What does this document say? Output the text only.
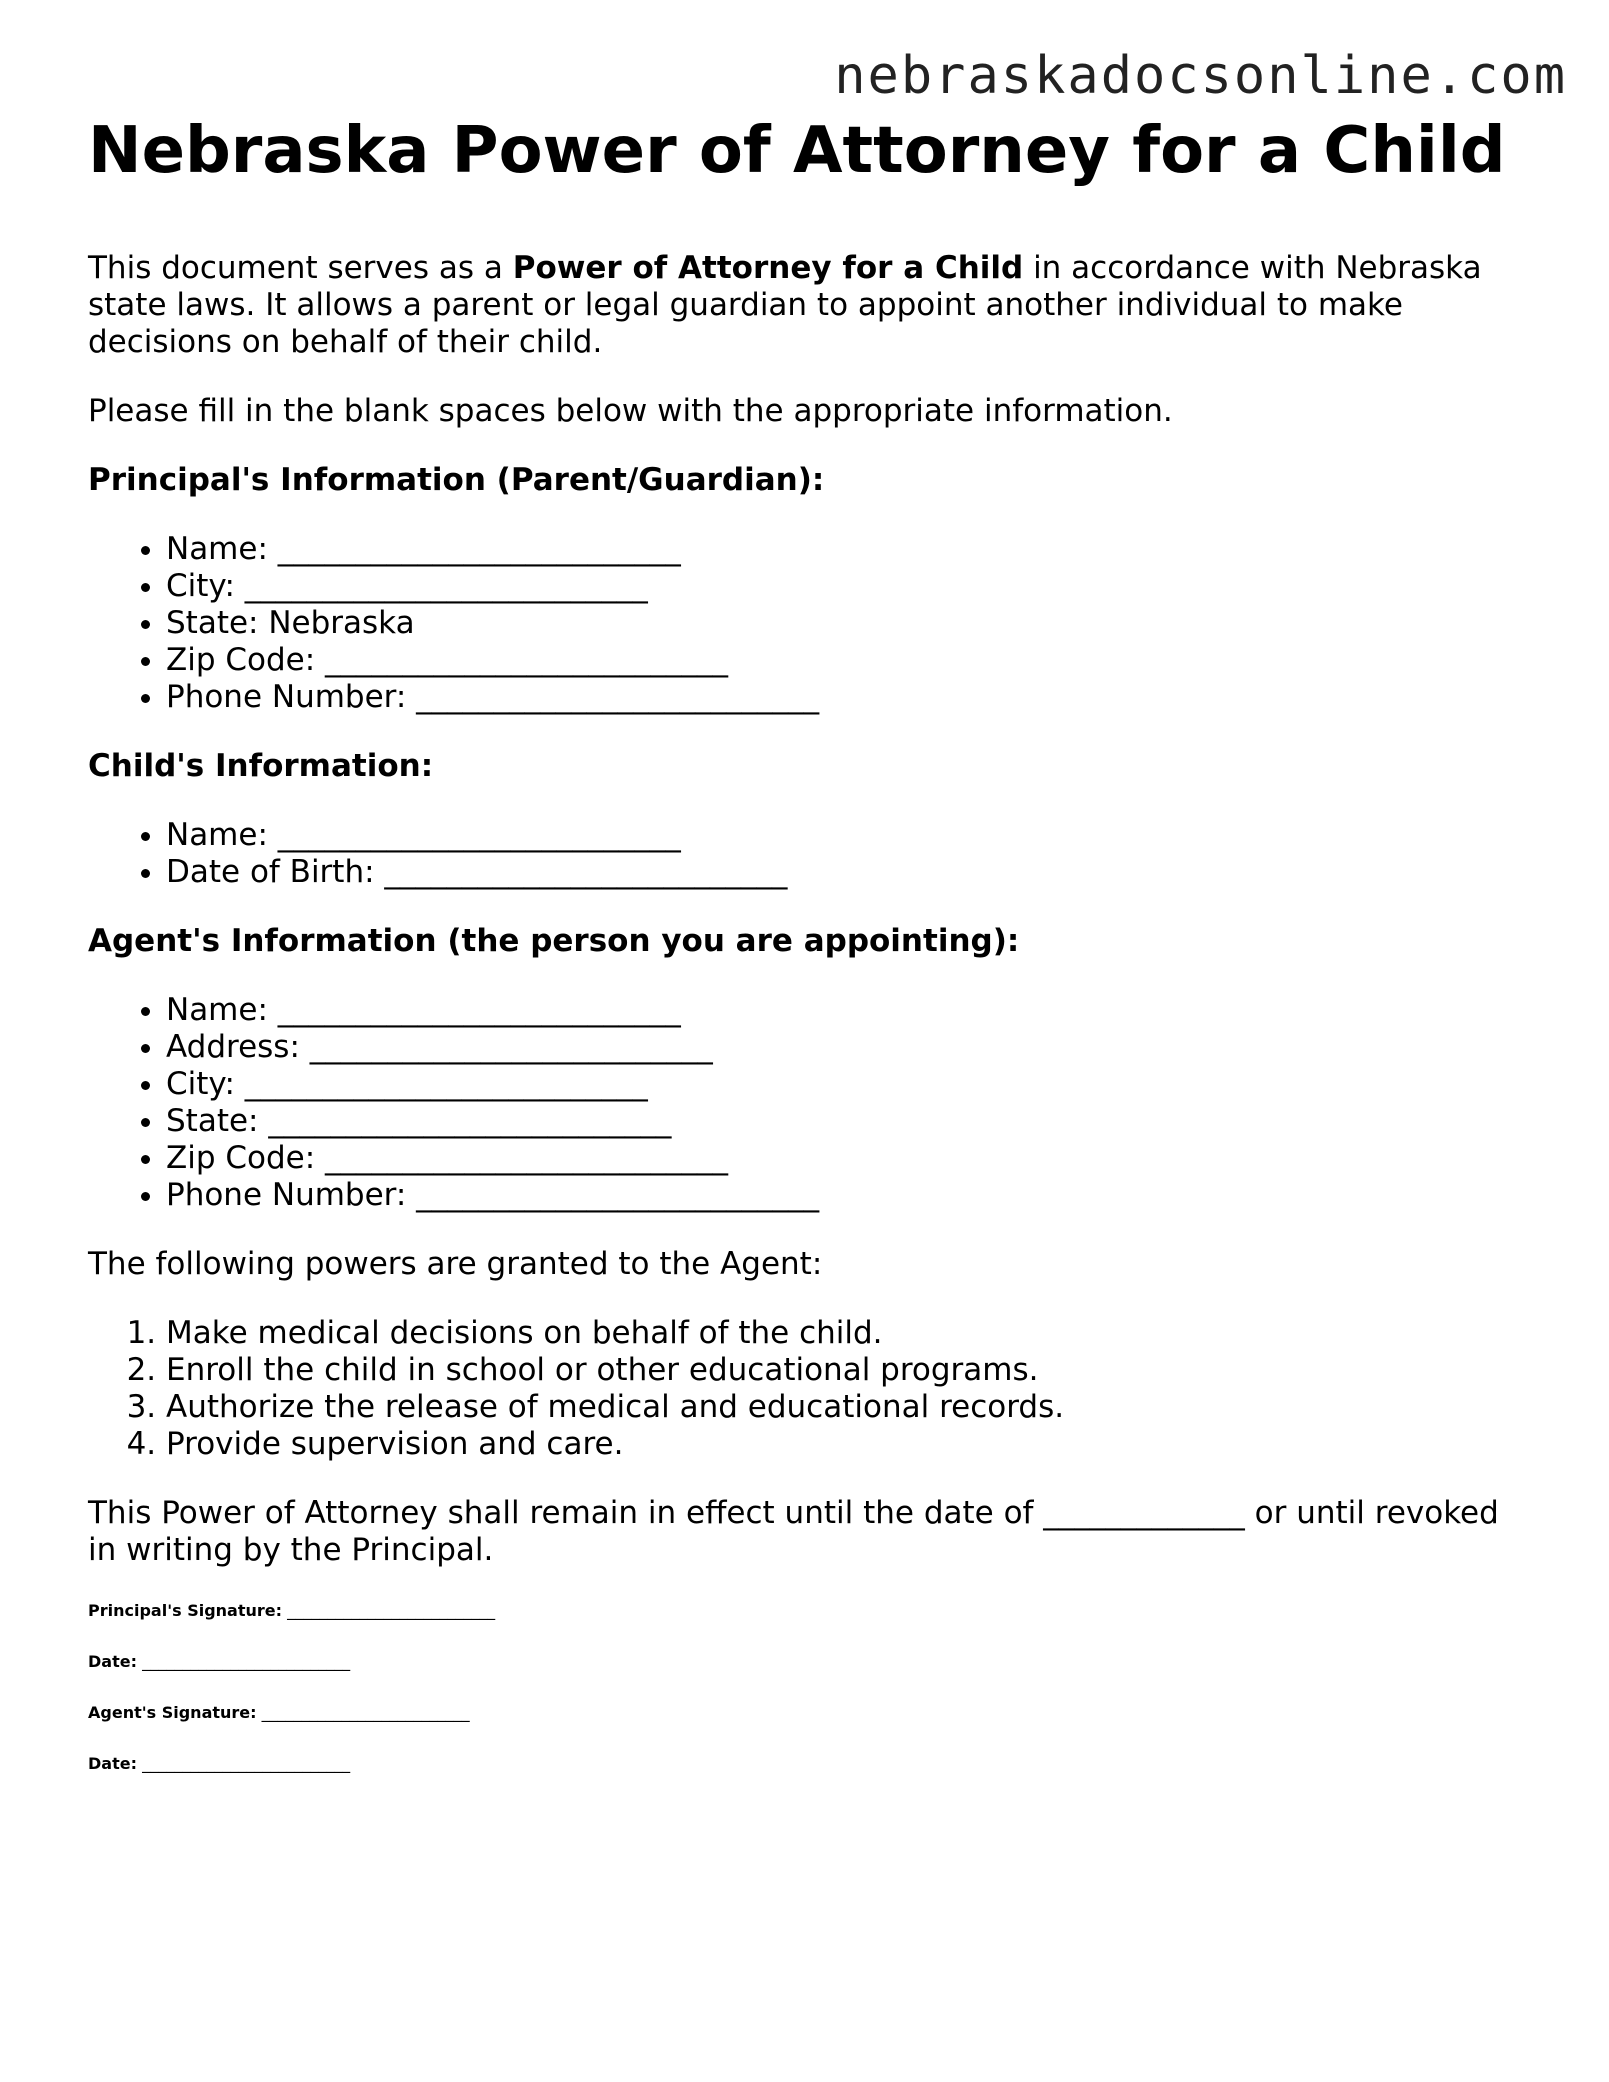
nebraskadocsonline.com
Nebraska Power of Attorney for a Child

This document serves as a Power of Attorney for a Child in accordance with Nebraska state laws. It allows a parent or legal guardian to appoint another individual to make decisions on behalf of their child.

Please fill in the blank spaces below with the appropriate information.

Principal's Information (Parent/Guardian):
• Name: __________________________
• City: __________________________
• State: Nebraska
• Zip Code: __________________________
• Phone Number: __________________________
Child's Information:
• Name: __________________________
• Date of Birth: __________________________
Agent's Information (the person you are appointing):
• Name: __________________________
• Address: __________________________
• City: __________________________
• State: __________________________
• Zip Code: __________________________
• Phone Number: __________________________

The following powers are granted to the Agent:

1. Make medical decisions on behalf of the child.
2. Enroll the child in school or other educational programs.
3. Authorize the release of medical and educational records.
4. Provide supervision and care.

This Power of Attorney shall remain in effect until the date of _____________ or until revoked in writing by the Principal.

Principal's Signature: __________________________
Date: __________________________
Agent's Signature: __________________________
Date: __________________________
